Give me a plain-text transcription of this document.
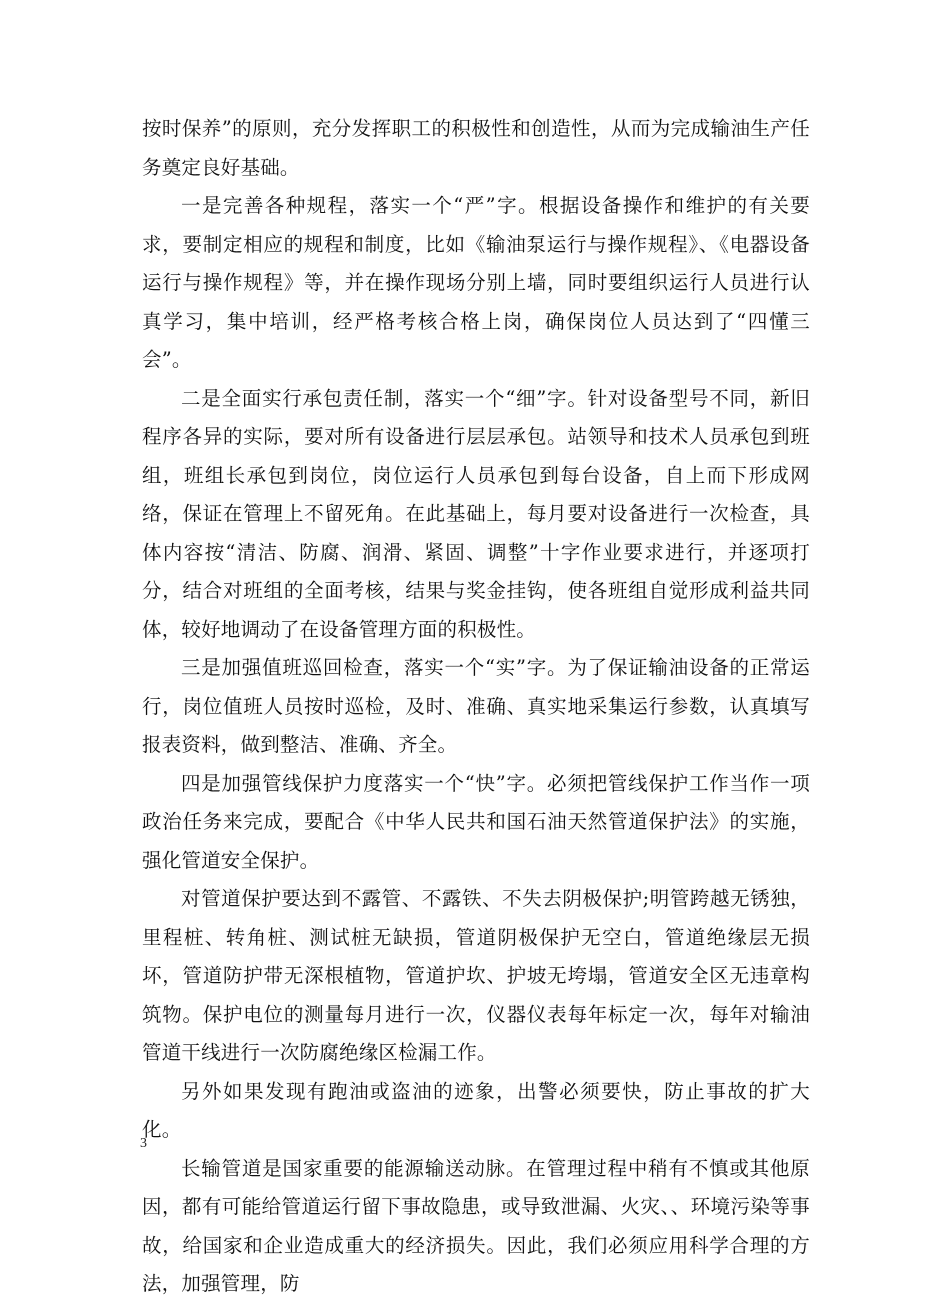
按时保养”的原则，充分发挥职工的积极性和创造性，从而为完成输油生产任务奠定良好基础。

一是完善各种规程，落实一个“严”字。根据设备操作和维护的有关要求，要制定相应的规程和制度，比如《输油泵运行与操作规程》、《电器设备运行与操作规程》等，并在操作现场分别上墙，同时要组织运行人员进行认真学习，集中培训，经严格考核合格上岗，确保岗位人员达到了“四懂三会”。

二是全面实行承包责任制，落实一个“细”字。针对设备型号不同，新旧程序各异的实际，要对所有设备进行层层承包。站领导和技术人员承包到班组，班组长承包到岗位，岗位运行人员承包到每台设备，自上而下形成网络，保证在管理上不留死角。在此基础上，每月要对设备进行一次检查，具体内容按“清洁、防腐、润滑、紧固、调整”十字作业要求进行，并逐项打分，结合对班组的全面考核，结果与奖金挂钩，使各班组自觉形成利益共同体，较好地调动了在设备管理方面的积极性。

三是加强值班巡回检查，落实一个“实”字。为了保证输油设备的正常运行，岗位值班人员按时巡检，及时、准确、真实地采集运行参数，认真填写报表资料，做到整洁、准确、齐全。

四是加强管线保护力度落实一个“快”字。必须把管线保护工作当作一项政治任务来完成，要配合《中华人民共和国石油天然管道保护法》的实施，强化管道安全保护。

对管道保护要达到不露管、不露铁、不失去阴极保护;明管跨越无锈独，里程桩、转角桩、测试桩无缺损，管道阴极保护无空白，管道绝缘层无损坏，管道防护带无深根植物，管道护坎、护坡无垮塌，管道安全区无违章构筑物。保护电位的测量每月进行一次，仪器仪表每年标定一次，每年对输油管道干线进行一次防腐绝缘区检漏工作。

另外如果发现有跑油或盗油的迹象，出警必须要快，防止事故的扩大化。

长输管道是国家重要的能源输送动脉。在管理过程中稍有不慎或其他原因，都有可能给管道运行留下事故隐患，或导致泄漏、火灾、、环境污染等事故，给国家和企业造成重大的经济损失。因此，我们必须应用科学合理的方法，加强管理，防

3
